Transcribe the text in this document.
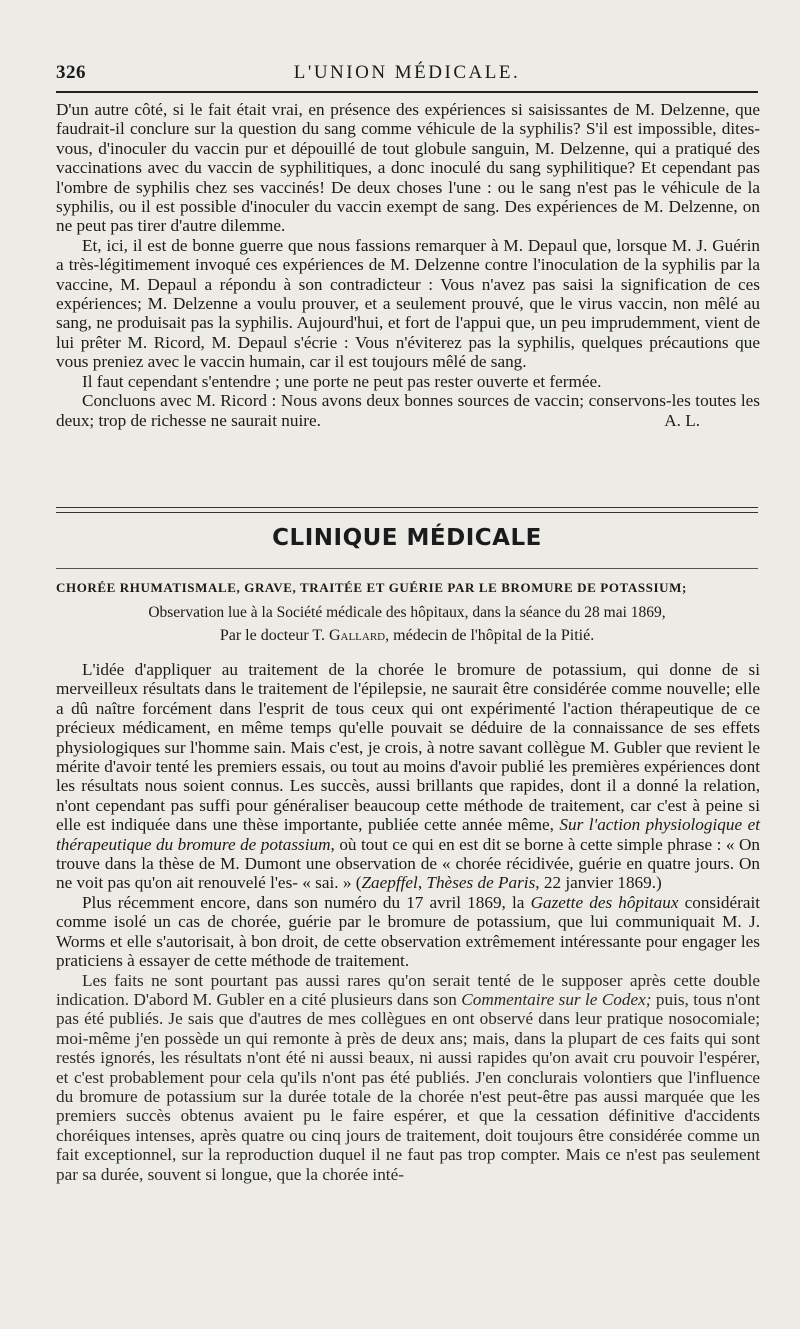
326	L'UNION MÉDICALE.

D'un autre côté, si le fait était vrai, en présence des expériences si saisissantes de M. Delzenne, que faudrait-il conclure sur la question du sang comme véhicule de la syphilis? S'il est impossible, dites-vous, d'inoculer du vaccin pur et dépouillé de tout globule sanguin, M. Delzenne, qui a pratiqué des vaccinations avec du vaccin de syphilitiques, a donc inoculé du sang syphilitique? Et cependant pas l'ombre de syphilis chez ses vaccinés! De deux choses l'une : ou le sang n'est pas le véhicule de la syphilis, ou il est possible d'inoculer du vaccin exempt de sang. Des expériences de M. Delzenne, on ne peut pas tirer d'autre dilemme.

Et, ici, il est de bonne guerre que nous fassions remarquer à M. Depaul que, lorsque M. J. Guérin a très-légitimement invoqué ces expériences de M. Delzenne contre l'inoculation de la syphilis par la vaccine, M. Depaul a répondu à son contradicteur : Vous n'avez pas saisi la signification de ces expériences; M. Delzenne a voulu prouver, et a seulement prouvé, que le virus vaccin, non mêlé au sang, ne produisait pas la syphilis. Aujourd'hui, et fort de l'appui que, un peu imprudemment, vient de lui prêter M. Ricord, M. Depaul s'écrie : Vous n'éviterez pas la syphilis, quelques précautions que vous preniez avec le vaccin humain, car il est toujours mêlé de sang.

Il faut cependant s'entendre ; une porte ne peut pas rester ouverte et fermée.

Concluons avec M. Ricord : Nous avons deux bonnes sources de vaccin; conservons-les toutes les deux; trop de richesse ne saurait nuire.	A. L.

CLINIQUE MÉDICALE
CHORÉE RHUMATISMALE, GRAVE, TRAITÉE ET GUÉRIE PAR LE BROMURE DE POTASSIUM;
Observation lue à la Société médicale des hôpitaux, dans la séance du 28 mai 1869,
Par le docteur T. Gallard, médecin de l'hôpital de la Pitié.

L'idée d'appliquer au traitement de la chorée le bromure de potassium, qui donne de si merveilleux résultats dans le traitement de l'épilepsie, ne saurait être considérée comme nouvelle; elle a dû naître forcément dans l'esprit de tous ceux qui ont expérimenté l'action thérapeutique de ce précieux médicament, en même temps qu'elle pouvait se déduire de la connaissance de ses effets physiologiques sur l'homme sain. Mais c'est, je crois, à notre savant collègue M. Gubler que revient le mérite d'avoir tenté les premiers essais, ou tout au moins d'avoir publié les premières expériences dont les résultats nous soient connus. Les succès, aussi brillants que rapides, dont il a donné la relation, n'ont cependant pas suffi pour généraliser beaucoup cette méthode de traitement, car c'est à peine si elle est indiquée dans une thèse importante, publiée cette année même, Sur l'action physiologique et thérapeutique du bromure de potassium, où tout ce qui en est dit se borne à cette simple phrase : « On trouve dans la thèse de M. Dumont une observation de « chorée récidivée, guérie en quatre jours. On ne voit pas qu'on ait renouvelé l'es- « sai. » (Zaepffel, Thèses de Paris, 22 janvier 1869.)

Plus récemment encore, dans son numéro du 17 avril 1869, la Gazette des hôpitaux considérait comme isolé un cas de chorée, guérie par le bromure de potassium, que lui communiquait M. J. Worms et elle s'autorisait, à bon droit, de cette observation extrêmement intéressante pour engager les praticiens à essayer de cette méthode de traitement.

Les faits ne sont pourtant pas aussi rares qu'on serait tenté de le supposer après cette double indication. D'abord M. Gubler en a cité plusieurs dans son Commentaire sur le Codex; puis, tous n'ont pas été publiés. Je sais que d'autres de mes collègues en ont observé dans leur pratique nosocomiale; moi-même j'en possède un qui remonte à près de deux ans; mais, dans la plupart de ces faits qui sont restés ignorés, les résultats n'ont été ni aussi beaux, ni aussi rapides qu'on avait cru pouvoir l'espérer, et c'est probablement pour cela qu'ils n'ont pas été publiés. J'en conclurais volontiers que l'influence du bromure de potassium sur la durée totale de la chorée n'est peut-être pas aussi marquée que les premiers succès obtenus avaient pu le faire espérer, et que la cessation définitive d'accidents choréiques intenses, après quatre ou cinq jours de traitement, doit toujours être considérée comme un fait exceptionnel, sur la reproduction duquel il ne faut pas trop compter. Mais ce n'est pas seulement par sa durée, souvent si longue, que la chorée inté-
